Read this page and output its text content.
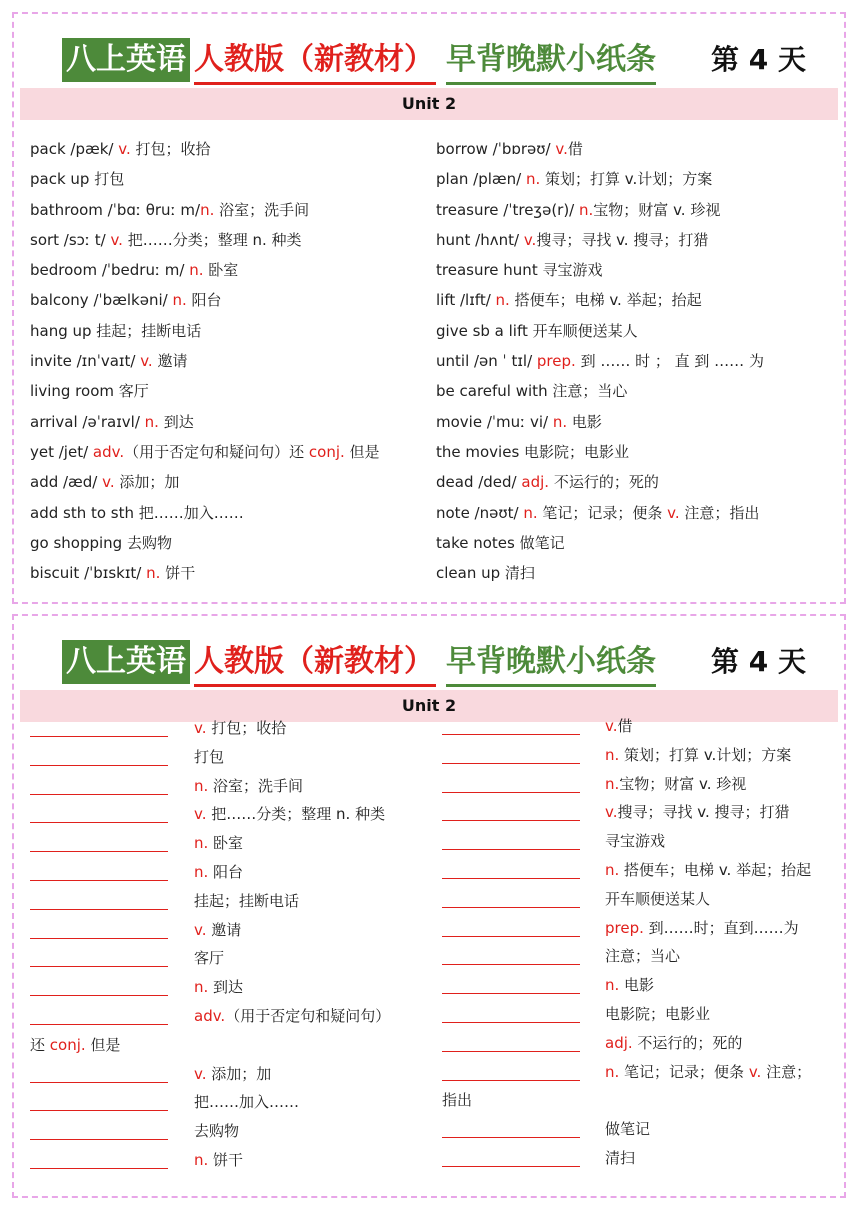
八上英语 人教版（新教材） 早背晚默小纸条 第 4 天
Unit 2
pack /pæk/ v. 打包；收拾
pack up 打包
bathroom /ˈbɑː θruː m/n. 浴室；洗手间
sort /sɔː t/ v. 把……分类；整理 n. 种类
bedroom /ˈbedruː m/ n. 卧室
balcony /ˈbælkəni/ n. 阳台
hang up 挂起；挂断电话
invite /ɪnˈvaɪt/ v. 邀请
living room 客厅
arrival /əˈraɪvl/ n. 到达
yet /jet/ adv.（用于否定句和疑问句）还 conj. 但是
add /æd/ v. 添加；加
add sth to sth 把……加入……
go shopping 去购物
biscuit /ˈbɪskɪt/ n. 饼干
borrow /ˈbɒrəʊ/ v.借
plan /plæn/ n. 策划；打算 v.计划；方案
treasure /ˈtreʒə(r)/ n.宝物；财富 v. 珍视
hunt /hʌnt/ v.搜寻；寻找 v. 搜寻；打猎
treasure hunt 寻宝游戏
lift /lɪft/ n. 搭便车；电梯 v. 举起；抬起
give sb a lift 开车顺便送某人
until /ən ˈ tɪl/ prep. 到 …… 时 ； 直 到 …… 为
be careful with 注意；当心
movie /ˈmuː vi/ n. 电影
the movies 电影院；电影业
dead /ded/ adj. 不运行的；死的
note /nəʊt/ n. 笔记；记录；便条 v. 注意；指出
take notes 做笔记
clean up 清扫
八上英语 人教版（新教材） 早背晚默小纸条 第 4 天
Unit 2
v. 打包；收拾
打包
n. 浴室；洗手间
v. 把……分类；整理 n. 种类
n. 卧室
n. 阳台
挂起；挂断电话
v. 邀请
客厅
n. 到达
adv.（用于否定句和疑问句）
还 conj. 但是
v. 添加；加
把……加入……
去购物
n. 饼干
v.借
n. 策划；打算 v.计划；方案
n.宝物；财富 v. 珍视
v.搜寻；寻找 v. 搜寻；打猎
寻宝游戏
n. 搭便车；电梯 v. 举起；抬起
开车顺便送某人
prep. 到……时；直到……为
注意；当心
n. 电影
电影院；电影业
adj. 不运行的；死的
n. 笔记；记录；便条 v. 注意；
指出
做笔记
清扫
